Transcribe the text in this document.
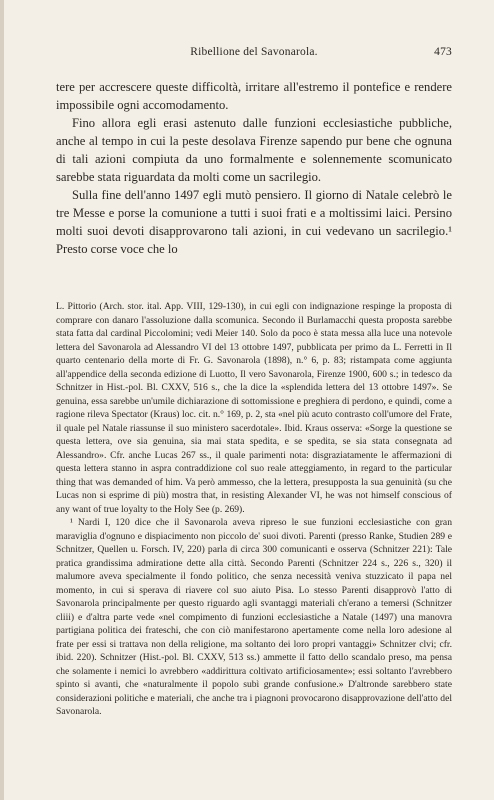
Ribellione del Savonarola.	473

tere per accrescere queste difficoltà, irritare all'estremo il pontefice e rendere impossibile ogni accomodamento.

Fino allora egli erasi astenuto dalle funzioni ecclesiastiche pubbliche, anche al tempo in cui la peste desolava Firenze sapendo pur bene che ognuna di tali azioni compiuta da uno formalmente e solennemente scomunicato sarebbe stata riguardata da molti come un sacrilegio.

Sulla fine dell'anno 1497 egli mutò pensiero. Il giorno di Natale celebrò le tre Messe e porse la comunione a tutti i suoi frati e a moltissimi laici. Persino molti suoi devoti disapprovarono tali azioni, in cui vedevano un sacrilegio.¹ Presto corse voce che lo

L. Pittorio (Arch. stor. ital. App. VIII, 129-130), in cui egli con indignazione respinge la proposta di comprare con danaro l'assoluzione dalla scomunica. Secondo il Burlamacchi questa proposta sarebbe stata fatta dal cardinal Piccolomini; vedi Meier 140. Solo da poco è stata messa alla luce una notevole lettera del Savonarola ad Alessandro VI del 13 ottobre 1497, pubblicata per primo da L. Ferretti in Il quarto centenario della morte di Fr. G. Savonarola (1898), n.° 6, p. 83; ristampata come aggiunta all'appendice della seconda edizione di Luotto, Il vero Savonarola, Firenze 1900, 600 s.; in tedesco da Schnitzer in Hist.-pol. Bl. CXXV, 516 s., che la dice la «splendida lettera del 13 ottobre 1497». Se genuina, essa sarebbe un'umile dichiarazione di sottomissione e preghiera di perdono, e quindi, come a ragione rileva Spectator (Kraus) loc. cit. n.° 169, p. 2, sta «nel più acuto contrasto coll'umore del Frate, il quale pel Natale riassunse il suo ministero sacerdotale». Ibid. Kraus osserva: «Sorge la questione se questa lettera, ove sia genuina, sia mai stata spedita, e se spedita, se sia stata consegnata ad Alessandro». Cfr. anche Lucas 267 ss., il quale parimenti nota: disgraziatamente le affermazioni di questa lettera stanno in aspra contraddizione col suo reale atteggiamento, in regard to the particular thing that was demanded of him. Va però ammesso, che la lettera, presupposta la sua genuinità (su che Lucas non si esprime di più) mostra that, in resisting Alexander VI, he was not himself conscious of any want of true loyalty to the Holy See (p. 269).

¹ Nardi I, 120 dice che il Savonarola aveva ripreso le sue funzioni ecclesiastiche con gran maraviglia d'ognuno e dispiacimento non piccolo de' suoi divoti. Parenti (presso Ranke, Studien 289 e Schnitzer, Quellen u. Forsch. IV, 220) parla di circa 300 comunicanti e osserva (Schnitzer 221): Tale pratica grandissima admiratione dette alla città. Secondo Parenti (Schnitzer 224 s., 226 s., 320) il malumore aveva specialmente il fondo politico, che senza necessità veniva stuzzicato il papa nel momento, in cui si sperava di riavere col suo aiuto Pisa. Lo stesso Parenti disapprovò l'atto di Savonarola principalmente per questo riguardo agli svantaggi materiali ch'erano a temersi (Schnitzer cliii) e d'altra parte vede «nel compimento di funzioni ecclesiastiche a Natale (1497) una manovra partigiana politica dei frateschi, che con ciò manifestarono apertamente come nella loro adesione al frate per essi si trattava non della religione, ma soltanto dei loro propri vantaggi» Schnitzer clvi; cfr. ibid. 220). Schnitzer (Hist.-pol. Bl. CXXV, 513 ss.) ammette il fatto dello scandalo preso, ma pensa che solamente i nemici lo avrebbero «addirittura coltivato artificiosamente»; essi soltanto l'avrebbero spinto si avanti, che «naturalmente il popolo subì grande confusione.» D'altronde sarebbero state considerazioni politiche e materiali, che anche tra i piagnoni provocarono disapprovazione dell'atto del Savonarola.
